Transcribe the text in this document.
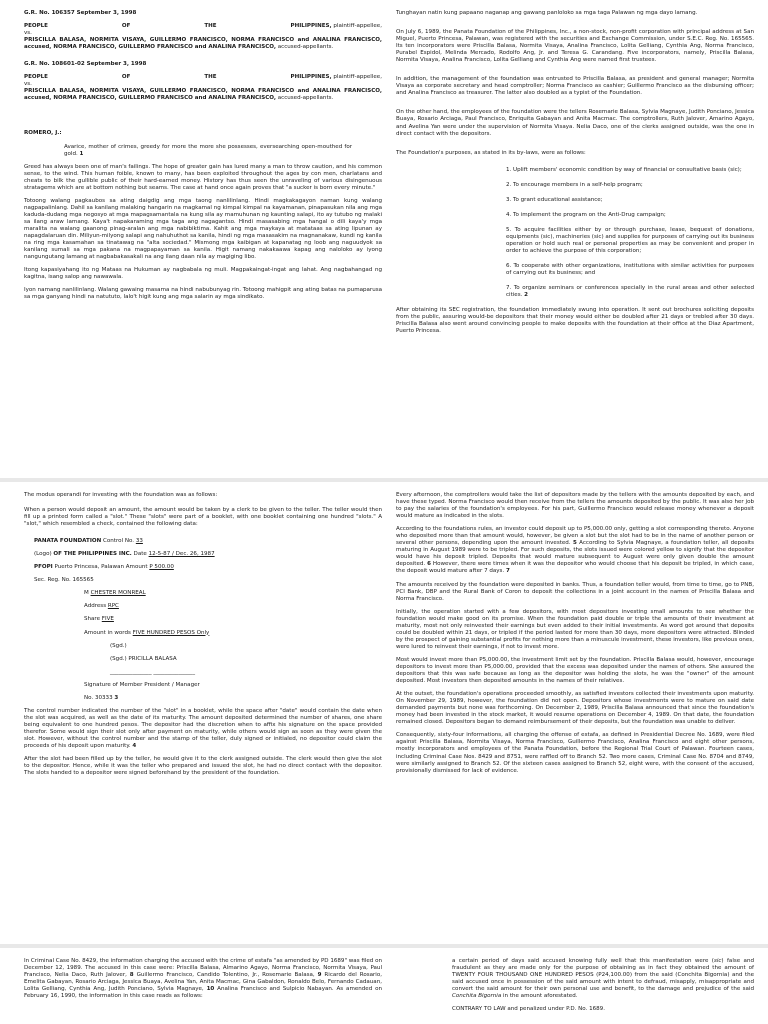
G.R. No. 106357 September 3, 1998

PEOPLE	OF	THE	PHILIPPINES, plaintiff-appellee,

vs.

PRISCILLA BALASA, NORMITA VISAYA, GUILLERMO FRANCISCO, NORMA FRANCISCO and ANALINA FRANCISCO, accused, NORMA FRANCISCO, GUILLERMO FRANCISCO and ANALINA FRANCISCO, accused-appellants.

G.R. No. 108601-02 September 3, 1998

PEOPLE	OF	THE	PHILIPPINES, plaintiff-appellee,

vs.

PRISCILLA BALASA, NORMITA VISAYA, GUILLERMO FRANCISCO, NORMA FRANCISCO and ANALINA FRANCISCO, accused, NORMA FRANCISCO, GUILLERMO FRANCISCO and ANALINA FRANCISCO, accused-appellants.

ROMERO, J.:

Avarice, mother of crimes, greedy for more the more she possesses, eversearching open-mouthed for gold. 1

Greed has always been one of man's failings. The hope of greater gain has lured many a man to throw caution, and his common sense, to the wind. This human foible, known to many, has been exploited throughout the ages by con men, charlatans and cheats to bilk the gullible public of their hard-earned money. History has thus seen the unraveling of various disingenuous stratagems which are at bottom nothing but seams. The case at hand once again proves that "a sucker is born every minute."

Totoong walang pagkaubos sa ating daigdig ang mga taong nanlilinlang. Hindi magkakagayon naman kung walang nagpapalinlang. Dahil sa kanilang malaking hangarin na magkamal ng kimpal kimpal na kayamanan, pinapasukan nila ang mga kaduda-dudang mga negosyo at mga mapagsamantala na kung sila ay mamuhunan ng kaunting salapi, ito ay tutubo ng malaki sa ilang araw lamang. Kaya't napakaraming mga taga ang nagagantso. Hindi masasabing mga hangal o dili kaya'y mga maralita na walang gaanong pinag-aralan ang mga nabibiktima. Kahit ang mga maykaya at matataas sa ating lipunan ay napagdalaruan din. Miliyun-milyong salapi ang nahuhuthot sa kanila, hindi ng mga masasakim na magnanakaw, kundi ng kanila na ring mga kasamahan sa tinatawag na "alta sociedad." Mismong mga kaibigan at kapanatag ng loob ang naguudyok sa kanilang sumali sa mga pakana na magpapayaman sa kanila. Higit namang nakakaawa kapag ang naloloko ay iyong nangungutang lamang at nagbabakasakali na ang ilang daan nila ay magiging libo.

Itong kapasiyahang ito ng Mataas na Hukuman ay nagbabala ng muli. Magpakaingat-ingat ang lahat. Ang nagbahangad ng kagitna, isang salop ang nawawala.

Iyon namang nanlilinlang. Walang gawaing masama na hindi nabubunyag rin. Totoong mahigpit ang ating batas na pumaparusa sa mga ganyang hindi na natututo, lalo't higit kung ang mga salarin ay mga sindikato.

Tunghayan natin kung papaano naganap ang gawang panloloko sa mga taga Palawan ng mga dayo lamang.

On July 6, 1989, the Panata Foundation of the Philippines, Inc., a non-stock, non-profit corporation with principal address at San Miguel, Puerto Princesa, Palawan, was registered with the securities and Exchange Commission, under S.E.C. Reg. No. 165565. Its ten incorporators were Priscilla Balasa, Normita Visaya, Analina Francisco, Lolita Gelliang, Cynthia Ang, Norma Francisco, Purabel Espidol, Melinda Mercado, Rodolfo Ang, Jr. and Teresa G. Carandang. Five incorporators, namely, Priscilla Balasa, Normita Visaya, Analina Francisco, Lolita Gelliang and Cynthia Ang were named first trustees.

In addition, the management of the foundation was entrusted to Priscilla Balasa, as president and general manager; Normita Visaya as corporate secretary and head comptroller; Norma Francisco as cashier; Guillermo Francisco as the disbursing officer; and Analina Francisco as treasurer. The latter also doubled as a typist of the Foundation.

On the other hand, the employees of the foundation were the tellers Rosemarie Balasa, Sylvia Magnaye, Judith Ponciano, Jessica Buaya, Rosario Arciaga, Paul Francisco, Enriquita Gabayan and Anita Macmac. The comptrollers, Ruth Jalover, Amarino Agayo, and Avelina Yan were under the supervision of Normita Visaya. Nelia Daco, one of the clerks assigned outside, was the one in direct contact with the depositors.

The Foundation's purposes, as stated in its by-laws, were as follows:

1. Uplift members' economic condition by way of financial or consultative basis (sic);

2. To encourage members in a self-help program;

3. To grant educational assistance;

4. To implement the program on the Anti-Drug campaign;

5. To acquire facilities either by or through purchase, lease, bequest of donations, equipments (sic), machineries (sic) and supplies for purposes of carrying out its business operation or hold such real or personal properties as may be convenient and proper in order to achieve the purpose of this corporation;

6. To cooperate with other organizations, institutions with similar activities for purposes of carrying out its business; and

7. To organize seminars or conferences specially in the rural areas and other selected cities. 2

After obtaining its SEC registration, the foundation immediately swung into operation. It sent out brochures soliciting deposits from the public, assuring would-be depositors that their money would either be doubled after 21 days or trebled after 30 days. Priscilla Balasa also went around convincing people to make deposits with the foundation at their office at the Diaz Apartment, Puerto Princesa.

The modus operandi for investing with the foundation was as follows:

When a person would deposit an amount, the amount would be taken by a clerk to be given to the teller. The teller would then fill up a printed form called a "slot." These "slots" were part of a booklet, with one booklet containing one hundred "slots." A "slot," which resembled a check, contained the following data:

PANATA FOUNDATION Control No. 33

(Logo) OF THE PHILIPPINES INC. Date 12-5-87 / Dec. 26, 1987

PFOPI Puerto Princesa, Palawan Amount P 500.00

Sec. Reg. No. 165565

M CHESTER MONREAL

Address RPC

Share FIVE

Amount in words FIVE HUNDRED PESOS Only

(Sgd.)

(Sgd.) PRICILLA BALASA

_______________ _______________

Signature of Member President / Manager

No. 30333 3

The control number indicated the number of the "slot" in a booklet, while the space after "date" would contain the date when the slot was acquired, as well as the date of its maturity. The amount deposited determined the number of shares, one share being equivalent to one hundred pesos. The depositor had the discretion when to affix his signature on the space provided therefor. Some would sign their slot only after payment on maturity, while others would sign as soon as they were given the slot. However, without the control number and the stamp of the teller, duly signed or initialed, no depositor could claim the proceeds of his deposit upon maturity. 4

After the slot had been filled up by the teller, he would give it to the clerk assigned outside. The clerk would then give the slot to the depositor. Hence, while it was the teller who prepared and issued the slot, he had no direct contact with the depositor. The slots handed to a depositor were signed beforehand by the president of the foundation.

Every afternoon, the comptrollers would take the list of depositors made by the tellers with the amounts deposited by each, and have these typed. Norma Francisco would then receive from the tellers the amounts deposited by the public. It was also her job to pay the salaries of the foundation's employees. For his part, Guillermo Francisco would release money whenever a deposit would mature as indicated in the slots.

According to the foundations rules, an investor could deposit up to P5,000.00 only, getting a slot corresponding thereto. Anyone who deposited more than that amount would, however, be given a slot but the slot had to be in the name of another person or several other persons, depending upon the amount invested. 5 According to Sylvia Magnaye, a foundation teller, all deposits maturing in August 1989 were to be tripled. For such deposits, the slots issued were colored yellow to signify that the depositor would have his deposit tripled. Deposits that would mature subsequent to August were only given double the amount deposited. 6 However, there were times when it was the depositor who would choose that his deposit be tripled, in which case, the deposit would mature after 7 days. 7

The amounts received by the foundation were deposited in banks. Thus, a foundation teller would, from time to time, go to PNB, PCI Bank, DBP and the Rural Bank of Coron to deposit the collections in a joint account in the names of Priscilla Balasa and Norma Francisco.

Initially, the operation started with a few depositors, with most depositors investing small amounts to see whether the foundation would make good on its promise. When the foundation paid double or triple the amounts of their investment at maturity, most not only reinvested their earnings but even added to their initial investments. As word got around that deposits could be doubled within 21 days, or tripled if the period lasted for more than 30 days, more depositors were attracted. Blinded by the prospect of gaining substantial profits for nothing more than a minuscule investment, these investors, like previous ones, were lured to reinvest their earnings, if not to invest more.

Most would invest more than P5,000.00, the investment limit set by the foundation. Priscilla Balasa would, however, encourage depositors to invest more than P5,000.00, provided that the excess was deposited under the names of others. She assured the depositors that this was safe because as long as the depositor was holding the slots, he was the "owner" of the amount deposited. Most investors then deposited amounts in the names of their relatives.

At the outset, the foundation's operations proceeded smoothly, as satisfied investors collected their investments upon maturity. On November 29, 1989, however, the foundation did not open. Depositors whose investments were to mature on said date demanded payments but none was forthcoming. On December 2, 1989, Priscilla Balasa announced that since the foundation's money had been invested in the stock market, it would resume operations on December 4, 1989. On that date, the foundation remained closed. Depositors began to demand reimbursement of their deposits, but the foundation was unable to deliver.

Consequently, sixty-four informations, all charging the offense of estafa, as defined in Presidential Decree No. 1689, were filed against Priscilla Balasa, Normita Visaya, Norma Francisco, Guillermo Francisco, Analina Francisco and eight other persons, mostly incorporators and employees of the Panata Foundation, before the Regional Trial Court of Palawan. Fourteen cases, including Criminal Case Nos. 8429 and 8751, were raffled off to Branch 52. Two more cases, Criminal Case No. 8704 and 8749, were similarly assigned to Branch 52. Of the sixteen cases assigned to Branch 52, eight were, with the consent of the accused, provisionally dismissed for lack of evidence.

In Criminal Case No. 8429, the information charging the accused with the crime of estafa "as amended by PD 1689" was filed on December 12, 1989. The accused in this case were: Priscilla Balasa, Almarino Agayo, Norma Francisco, Normita Visaya, Paul Francisco, Nelia Daco, Ruth Jalover, 8 Guillermo Francisco, Candido Tolentino, Jr., Rosemarie Balasa, 9 Ricardo del Rosario, Emelita Gabayan, Rosario Arciaga, Jessica Buaya, Avelina Yan, Anita Macmac, Gina Gabaldon, Ronaldo Belo, Fernando Cadauan, Lolita Gelliang, Cynthia Ang, Judith Ponciano, Sylvia Magnaye, 10 Analina Francisco and Sulpicio Nabayan. As amended on February 16, 1990, the information in this case reads as follows:

a certain period of days said accused knowing fully well that this manifestation were (sic) false and fraudulent as they are made only for the purpose of obtaining as in fact they obtained the amount of TWENTY FOUR THOUSAND ONE HUNDRED PESOS (P24,100.00) from the said (Conchita Bigornia) and the said accused once in possession of the said amount with intent to defraud, misapply, misappropriate and convert the said amount for their own personal use and benefit, to the damage and prejudice of the said Conchita Bigornia in the amount aforestated.

CONTRARY TO LAW and penalized under P.D. No. 1689.
